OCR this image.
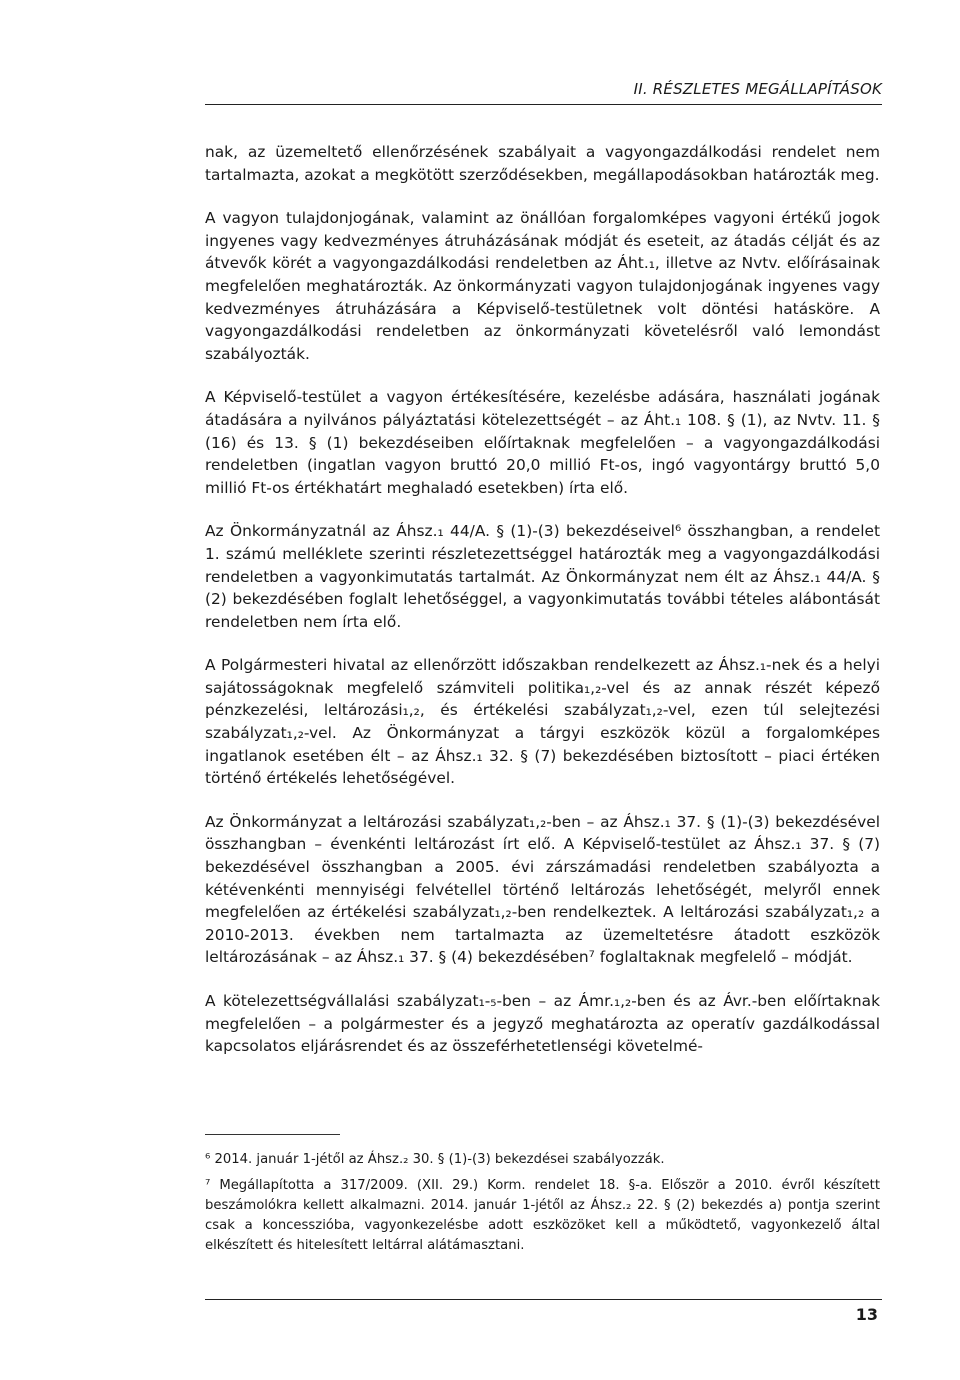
II. RÉSZLETES MEGÁLLAPÍTÁSOK

nak, az üzemeltető ellenőrzésének szabályait a vagyongazdálkodási rendelet nem tartalmazta, azokat a megkötött szerződésekben, megállapodásokban határozták meg.

A vagyon tulajdonjogának, valamint az önállóan forgalomképes vagyoni értékű jogok ingyenes vagy kedvezményes átruházásának módját és eseteit, az átadás célját és az átvevők körét a vagyongazdálkodási rendeletben az Áht.₁, illetve az Nvtv. előírásainak megfelelően meghatározták. Az önkormányzati vagyon tulajdonjogának ingyenes vagy kedvezményes átruházására a Képviselő-testületnek volt döntési hatásköre. A vagyongazdálkodási rendeletben az önkormányzati követelésről való lemondást szabályozták.

A Képviselő-testület a vagyon értékesítésére, kezelésbe adására, használati jogának átadására a nyilvános pályáztatási kötelezettségét – az Áht.₁ 108. § (1), az Nvtv. 11. § (16) és 13. § (1) bekezdéseiben előírtaknak megfelelően – a vagyongazdálkodási rendeletben (ingatlan vagyon bruttó 20,0 millió Ft-os, ingó vagyontárgy bruttó 5,0 millió Ft-os értékhatárt meghaladó esetekben) írta elő.

Az Önkormányzatnál az Áhsz.₁ 44/A. § (1)-(3) bekezdéseivel⁶ összhangban, a rendelet 1. számú melléklete szerinti részletezettséggel határozták meg a vagyongazdálkodási rendeletben a vagyonkimutatás tartalmát. Az Önkormányzat nem élt az Áhsz.₁ 44/A. § (2) bekezdésében foglalt lehetőséggel, a vagyonkimutatás további tételes alábontását rendeletben nem írta elő.

A Polgármesteri hivatal az ellenőrzött időszakban rendelkezett az Áhsz.₁-nek és a helyi sajátosságoknak megfelelő számviteli politika₁,₂-vel és az annak részét képező pénzkezelési, leltározási₁,₂, és értékelési szabályzat₁,₂-vel, ezen túl selejtezési szabályzat₁,₂-vel. Az Önkormányzat a tárgyi eszközök közül a forgalomképes ingatlanok esetében élt – az Áhsz.₁ 32. § (7) bekezdésében biztosított – piaci értéken történő értékelés lehetőségével.

Az Önkormányzat a leltározási szabályzat₁,₂-ben – az Áhsz.₁ 37. § (1)-(3) bekezdésével összhangban – évenkénti leltározást írt elő. A Képviselő-testület az Áhsz.₁ 37. § (7) bekezdésével összhangban a 2005. évi zárszámadási rendeletben szabályozta a kétévenkénti mennyiségi felvétellel történő leltározás lehetőségét, melyről ennek megfelelően az értékelési szabályzat₁,₂-ben rendelkeztek. A leltározási szabályzat₁,₂ a 2010-2013. években nem tartalmazta az üzemeltetésre átadott eszközök leltározásának – az Áhsz.₁ 37. § (4) bekezdésében⁷ foglaltaknak megfelelő – módját.

A kötelezettségvállalási szabályzat₁-₅-ben – az Ámr.₁,₂-ben és az Ávr.-ben előírtaknak megfelelően – a polgármester és a jegyző meghatározta az operatív gazdálkodással kapcsolatos eljárásrendet és az összeférhetetlenségi követelmé-

⁶ 2014. január 1-jétől az Áhsz.₂ 30. § (1)-(3) bekezdései szabályozzák.

⁷ Megállapította a 317/2009. (XII. 29.) Korm. rendelet 18. §-a. Először a 2010. évről készített beszámolókra kellett alkalmazni. 2014. január 1-jétől az Áhsz.₂ 22. § (2) bekezdés a) pontja szerint csak a koncesszióba, vagyonkezelésbe adott eszközöket kell a működtető, vagyonkezelő által elkészített és hitelesített leltárral alátámasztani.

13
